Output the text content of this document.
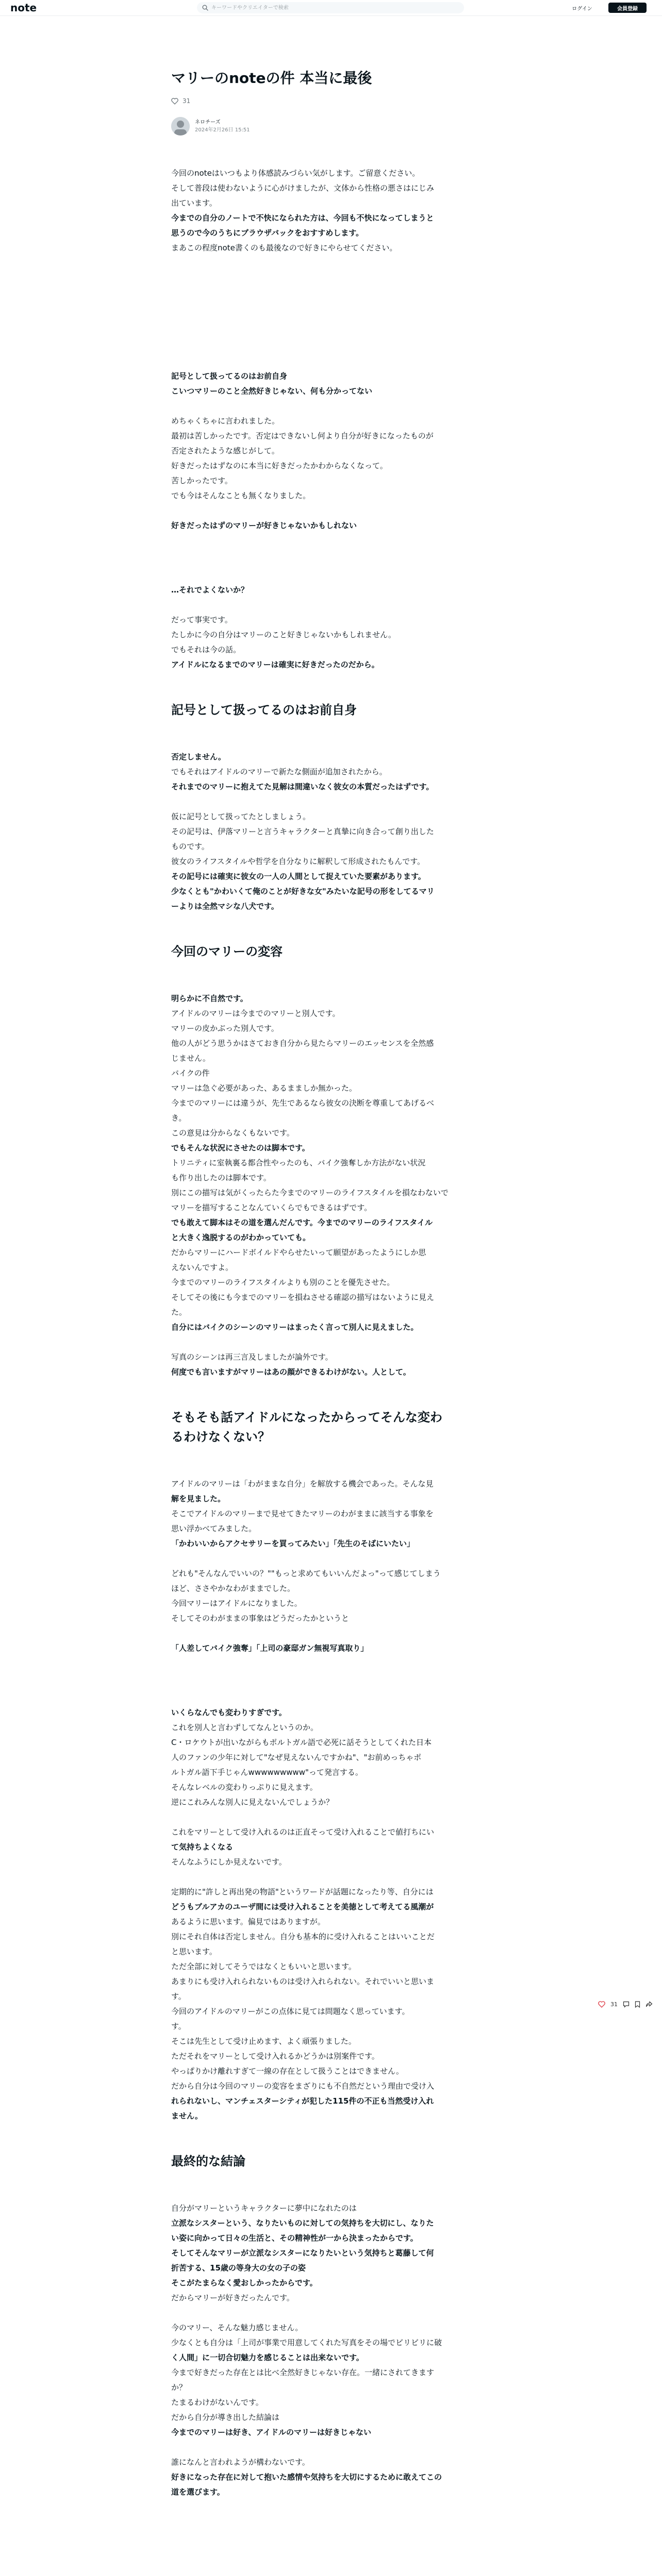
note
キーワードやクリエイターで検索	ログイン	会員登録
マリーのnoteの件 本当に最後
31
ネロチーズ
2024年2月26日 15:51

今回のnoteはいつもより体感読みづらい気がします。ご留意ください。
そして普段は使わないように心がけましたが、文体から性格の悪さはにじみ
出ています。
今までの自分のノートで不快になられた方は、今回も不快になってしまうと
思うので今のうちにブラウザバックをおすすめします。
まあこの程度note書くのも最後なので好きにやらせてください。

記号として扱ってるのはお前自身
こいつマリーのこと全然好きじゃない、何も分かってない

めちゃくちゃに言われました。
最初は苦しかったです。否定はできないし何より自分が好きになったものが
否定されたような感じがして。
好きだったはずなのに本当に好きだったかわからなくなって。
苦しかったです。
でも今はそんなことも無くなりました。

好きだったはずのマリーが好きじゃないかもしれない

…それでよくないか？

だって事実です。
たしかに今の自分はマリーのこと好きじゃないかもしれません。
でもそれは今の話。
アイドルになるまでのマリーは確実に好きだったのだから。

記号として扱ってるのはお前自身

否定しません。
でもそれはアイドルのマリーで新たな側面が追加されたから。
それまでのマリーに抱えてた見解は間違いなく彼女の本質だったはずです。

仮に記号として扱ってたとしましょう。
その記号は、伊落マリーと言うキャラクターと真摯に向き合って創り出した
ものです。
彼女のライフスタイルや哲学を自分なりに解釈して形成されたもんです。
その記号には確実に彼女の一人の人間として捉えていた要素があります。
少なくとも"かわいくて俺のことが好きな女"みたいな記号の形をしてるマリ
ーよりは全然マシな八犬です。

今回のマリーの変容

明らかに不自然です。
アイドルのマリーは今までのマリーと別人です。
マリーの皮かぶった別人です。
他の人がどう思うかはさておき自分から見たらマリーのエッセンスを全然感
じません。
バイクの件
マリーは急ぐ必要があった、あるまましか無かった。
今までのマリーには違うが、先生であるなら彼女の決断を尊重してあげるべ
き。
この意見は分からなくもないです。
でもそんな状況にさせたのは脚本です。
トリニティに室執裏る都合性やったのも、バイク強奪しか方法がない状況
も作り出したのは脚本です。
別にこの描写は気がくったらた今までのマリーのライフスタイルを損なわないで
マリーを描写することなんていくらでもできるはずです。
でも敢えて脚本はその道を選んだんです。今までのマリーのライフスタイル
と大きく逸脱するのがわかっていても。
だからマリーにハードボイルドやらせたいって願望があったようにしか思
えないんですよ。
今までのマリーのライフスタイルよりも別のことを優先させた。
そしてその後にも今までのマリーを損ねさせる確認の描写はないように見え
た。
自分にはバイクのシーンのマリーはまったく言って別人に見えました。

写真のシーンは再三言及しましたが論外です。
何度でも言いますがマリーはあの顔ができるわけがない。人として。

そもそも話アイドルになったからってそんな変わ
るわけなくない？

アイドルのマリーは「わがままな自分」を解放する機会であった。そんな見
解を見ました。
そこでアイドルのマリーまで見せてきたマリーのわがままに該当する事象を
思い浮かべてみました。
「かわいいからアクセサリーを買ってみたい」「先生のそばにいたい」

どれも"そんなんでいいの？""もっと求めてもいいんだよっ"って感じてしまう
ほど、ささやかなわがままでした。
今回マリーはアイドルになりました。
そしてそのわがままの事象はどうだったかというと

「人差してバイク強奪」「上司の豪邸ガン無視写真取り」

いくらなんでも変わりすぎです。
これを別人と言わずしてなんというのか。
C・ロケウトが出いながらもポルトガル語で必死に話そうとしてくれた日本
人のファンの少年に対して"なぜ見えないんですかね"、"お前めっちゃポ
ルトガル語下手じゃんwwwwwwwww"って発言する。
そんなレベルの変わりっぷりに見えます。
逆にこれみんな別人に見えないんでしょうか？

これをマリーとして受け入れるのは正直そって受け入れることで値打ちにい
て気持ちよくなる
そんなふうにしか見えないです。

定期的に"許しと再出発の物語"というワードが話題になったり等、自分には
どうもブルアカのユーザ間には受け入れることを美徳として考えてる風潮が
あるように思います。偏見ではありますが。
別にそれ自体は否定しません。自分も基本的に受け入れることはいいことだ
と思います。
ただ全部に対してそうではなくともいいと思います。
あまりにも受け入れられないものは受け入れられない。それでいいと思いま
す。
今回のアイドルのマリーがこの点体に見ては問題なく思っています。
す。
そこは先生として受け止めます、よく頑張りました。
ただそれをマリーとして受け入れるかどうかは別案件です。
やっぱりかけ離れすぎて一線の存在として扱うことはできません。
だから自分は今回のマリーの変容をまざりにも不自然だという理由で受け入
れられないし、マンチェスターシティが犯した115件の不正も当然受け入れ
ません。

最終的な結論

自分がマリーというキャラクターに夢中になれたのは
立派なシスターという、なりたいものに対しての気持ちを大切にし、なりた
い姿に向かって日々の生活と、その精神性が一から決まったからです。
そしてそんなマリーが立派なシスターになりたいという気持ちと葛藤して何
折苦する、15歳の等身大の女の子の姿
そこがたまらなく愛おしかったからです。
だからマリーが好きだったんです。

今のマリー、そんな魅力感じません。
少なくとも自分は「上司が事業で用意してくれた写真をその場でビリビリに破
く人間」に一切合切魅力を感じることは出来ないです。
今まで好きだった存在とは比べ全然好きじゃない存在。一緒にされてきます
か？
たまるわけがないんです。
だから自分が導き出した結論は
今までのマリーは好き、アイドルのマリーは好きじゃない

誰になんと言われようが構わないです。
好きになった存在に対して抱いた感情や気持ちを大切にするために敢えてこの
道を選びます。

31
